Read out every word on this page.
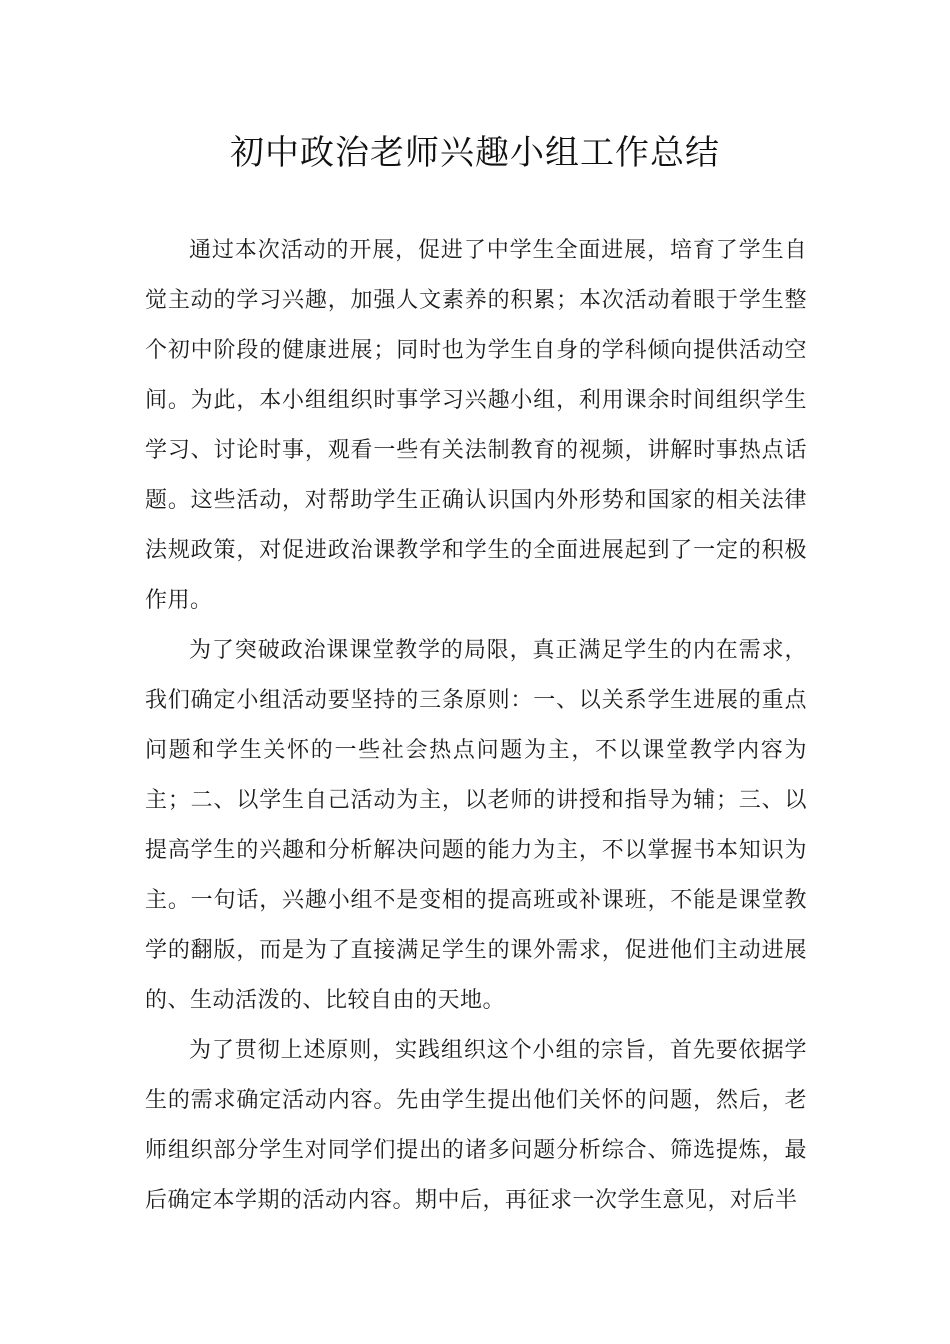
初中政治老师兴趣小组工作总结

通过本次活动的开展，促进了中学生全面进展，培育了学生自觉主动的学习兴趣，加强人文素养的积累；本次活动着眼于学生整个初中阶段的健康进展；同时也为学生自身的学科倾向提供活动空间。为此，本小组组织时事学习兴趣小组，利用课余时间组织学生学习、讨论时事，观看一些有关法制教育的视频，讲解时事热点话题。这些活动，对帮助学生正确认识国内外形势和国家的相关法律法规政策，对促进政治课教学和学生的全面进展起到了一定的积极作用。

为了突破政治课课堂教学的局限，真正满足学生的内在需求，我们确定小组活动要坚持的三条原则：一、以关系学生进展的重点问题和学生关怀的一些社会热点问题为主，不以课堂教学内容为主；二、以学生自己活动为主，以老师的讲授和指导为辅；三、以提高学生的兴趣和分析解决问题的能力为主，不以掌握书本知识为主。一句话，兴趣小组不是变相的提高班或补课班，不能是课堂教学的翻版，而是为了直接满足学生的课外需求，促进他们主动进展的、生动活泼的、比较自由的天地。

为了贯彻上述原则，实践组织这个小组的宗旨，首先要依据学生的需求确定活动内容。先由学生提出他们关怀的问题，然后，老师组织部分学生对同学们提出的诸多问题分析综合、筛选提炼，最后确定本学期的活动内容。期中后，再征求一次学生意见，对后半
